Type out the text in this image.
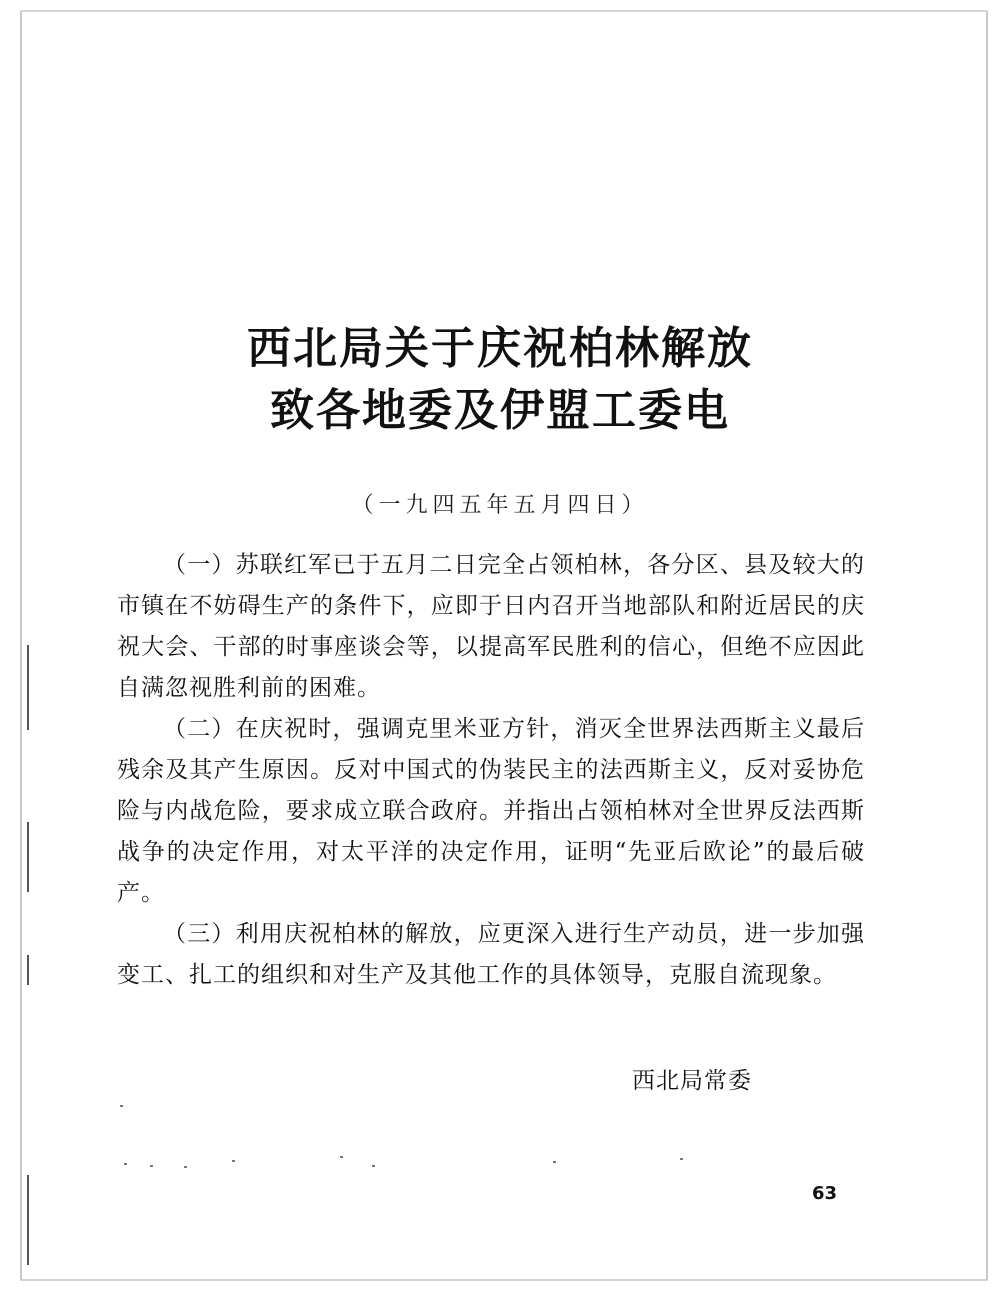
西北局关于庆祝柏林解放
致各地委及伊盟工委电
（一九四五年五月四日）

（一）苏联红军已于五月二日完全占领柏林，各分区、县及较大的市镇在不妨碍生产的条件下，应即于日内召开当地部队和附近居民的庆祝大会、干部的时事座谈会等，以提高军民胜利的信心，但绝不应因此自满忽视胜利前的困难。

（二）在庆祝时，强调克里米亚方针，消灭全世界法西斯主义最后残余及其产生原因。反对中国式的伪装民主的法西斯主义，反对妥协危险与内战危险，要求成立联合政府。并指出占领柏林对全世界反法西斯战争的决定作用，对太平洋的决定作用，证明“先亚后欧论”的最后破产。

（三）利用庆祝柏林的解放，应更深入进行生产动员，进一步加强变工、扎工的组织和对生产及其他工作的具体领导，克服自流现象。

西北局常委
63
